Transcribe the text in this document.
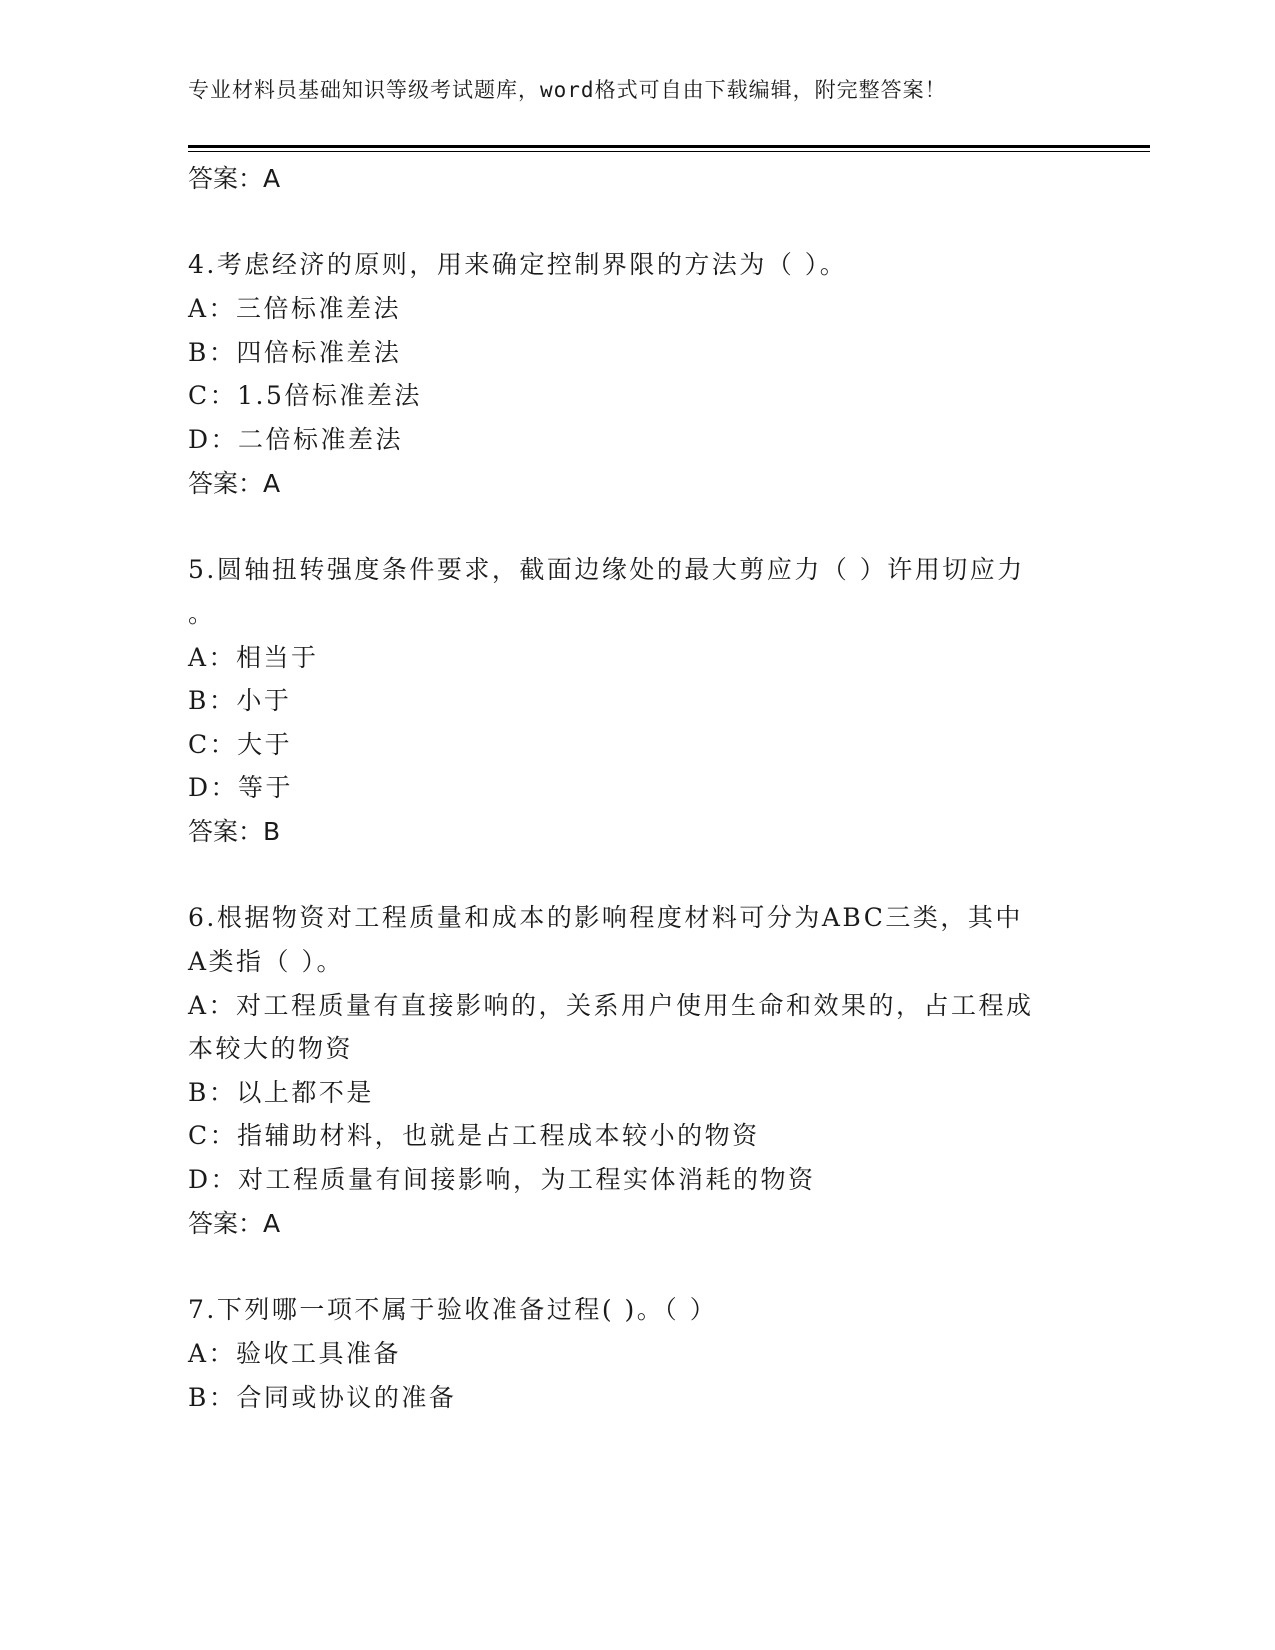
专业材料员基础知识等级考试题库，word格式可自由下载编辑，附完整答案！
答案：A
4.考虑经济的原则，用来确定控制界限的方法为（ ）。
A：三倍标准差法
B：四倍标准差法
C：1.5倍标准差法
D：二倍标准差法
答案：A
5.圆轴扭转强度条件要求，截面边缘处的最大剪应力（ ）许用切应力
。
A：相当于
B：小于
C：大于
D：等于
答案：B
6.根据物资对工程质量和成本的影响程度材料可分为ABC三类，其中
A类指（ ）。
A：对工程质量有直接影响的，关系用户使用生命和效果的，占工程成
本较大的物资
B：以上都不是
C：指辅助材料，也就是占工程成本较小的物资
D：对工程质量有间接影响，为工程实体消耗的物资
答案：A
7.下列哪一项不属于验收准备过程( )。（ ）
A：验收工具准备
B：合同或协议的准备
